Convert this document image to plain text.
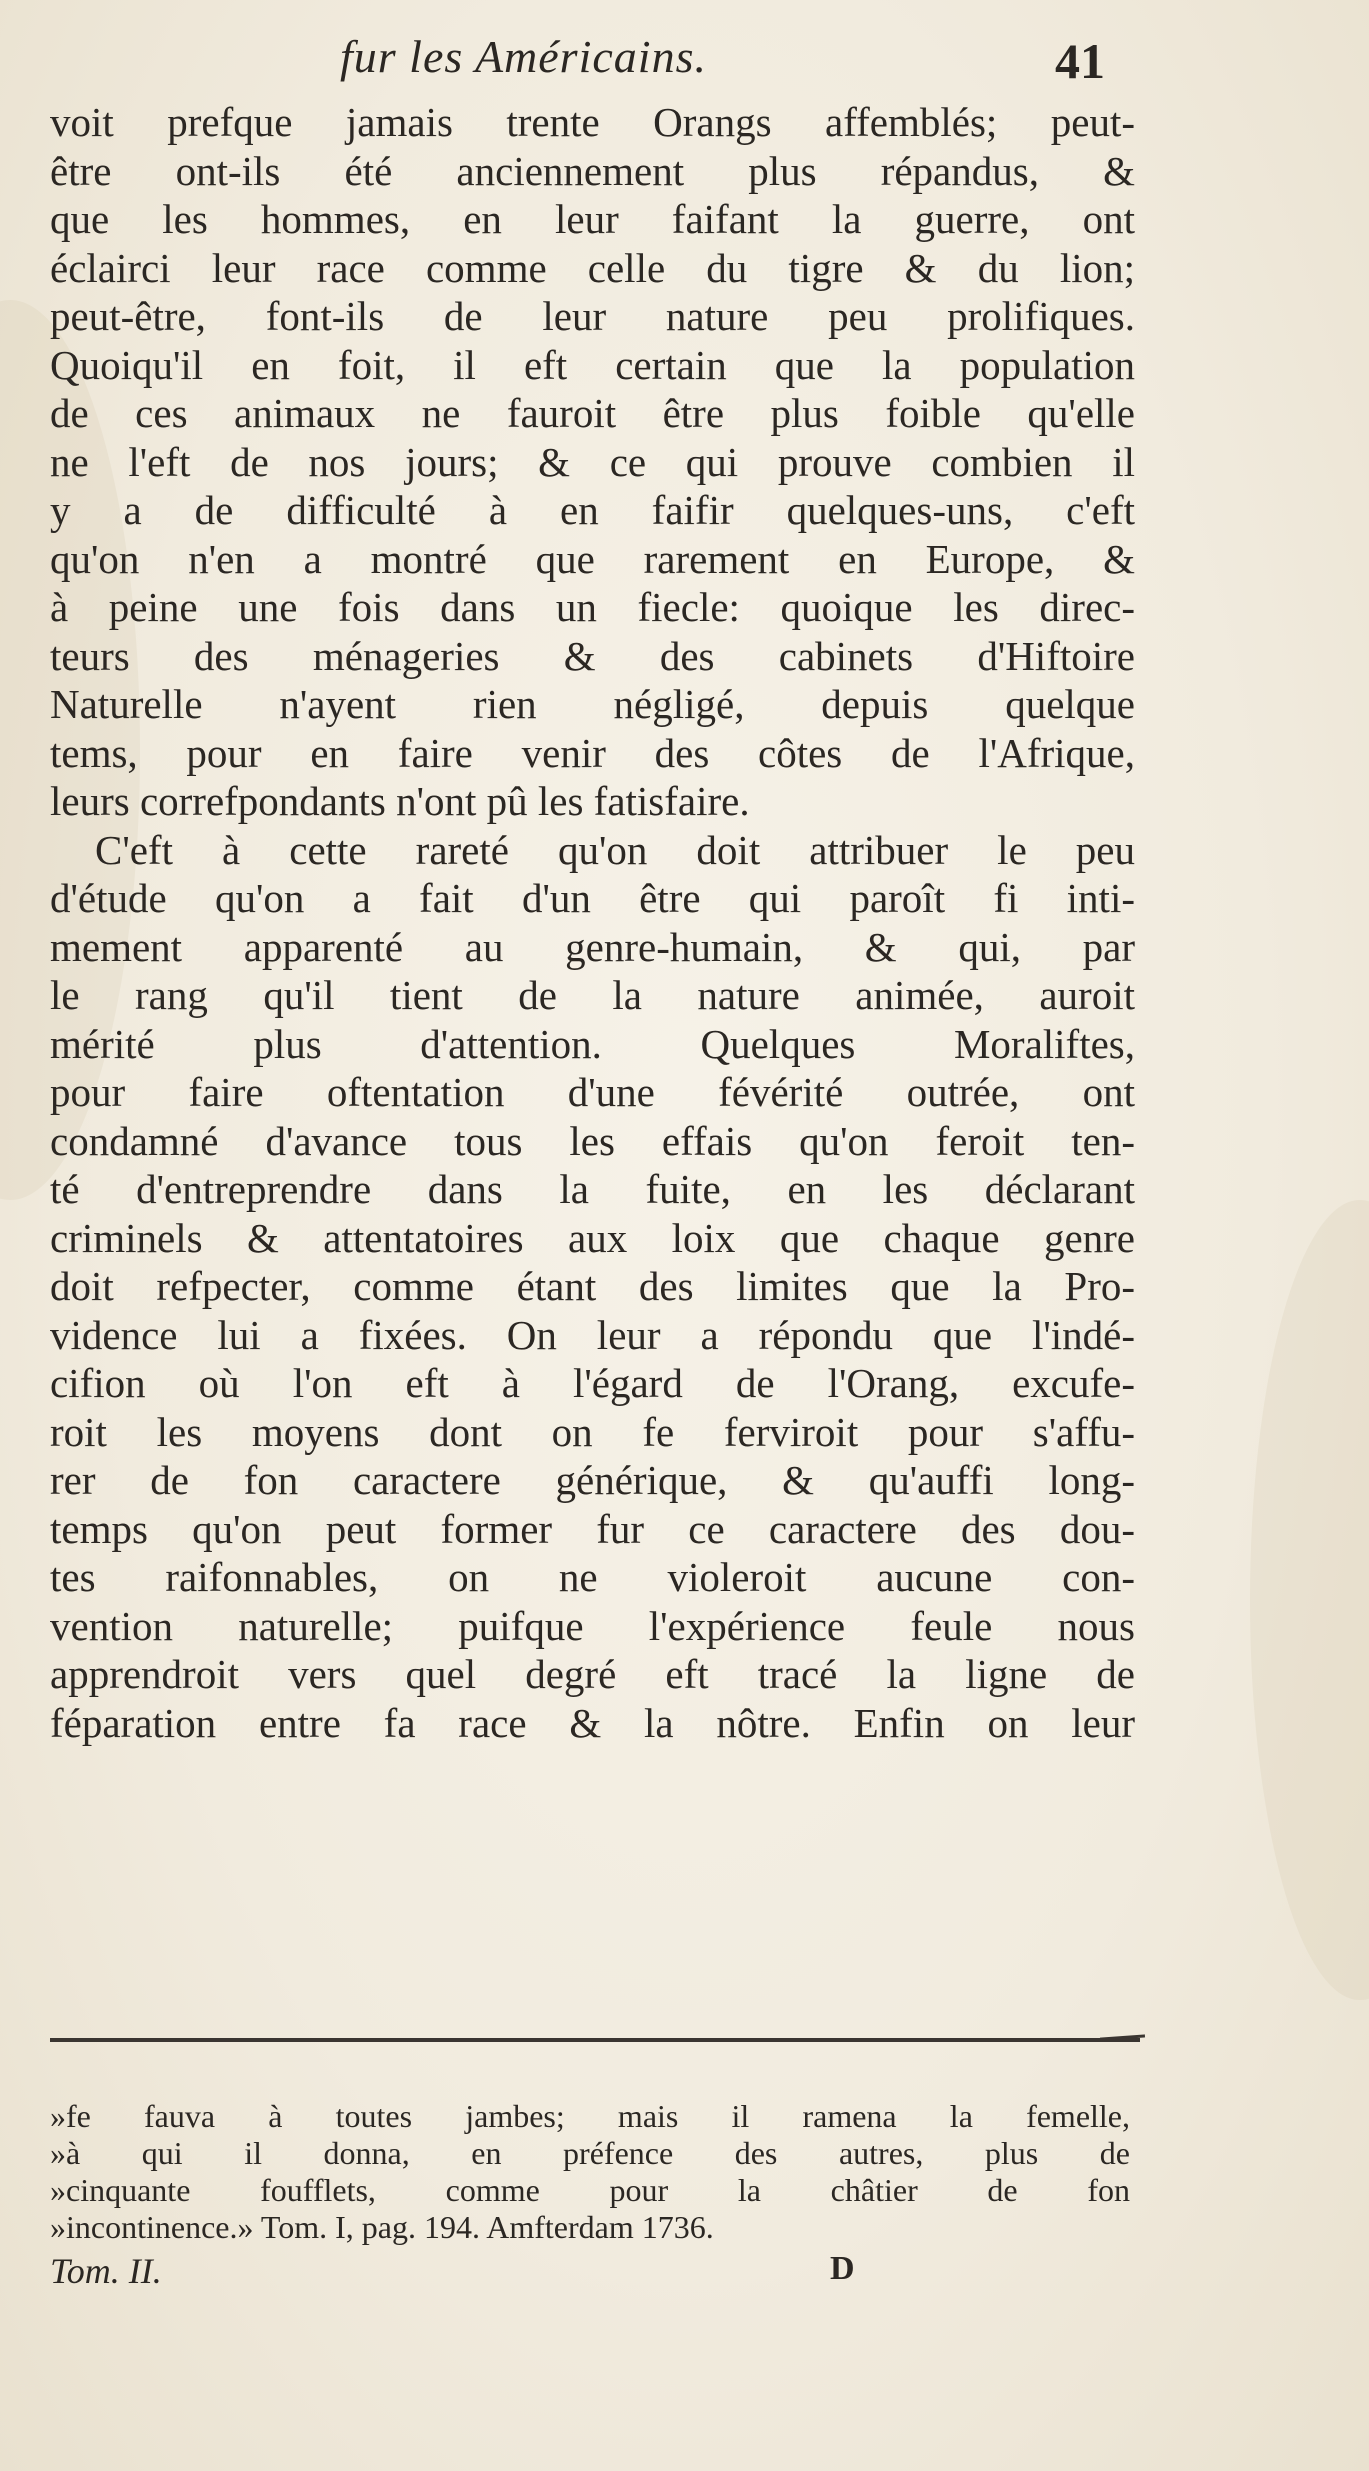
fur les Américains.	41
voit prefque jamais trente Orangs affemblés; peut-
être ont-ils été anciennement plus répandus, &
que les hommes, en leur faifant la guerre, ont
éclairci leur race comme celle du tigre & du lion;
peut-être, font-ils de leur nature peu prolifiques.
Quoiqu'il en foit, il eft certain que la population
de ces animaux ne fauroit être plus foible qu'elle
ne l'eft de nos jours; & ce qui prouve combien il
y a de difficulté à en faifir quelques-uns, c'eft
qu'on n'en a montré que rarement en Europe, &
à peine une fois dans un fiecle: quoique les direc-
teurs des ménageries & des cabinets d'Hiftoire
Naturelle n'ayent rien négligé, depuis quelque
tems, pour en faire venir des côtes de l'Afrique,
leurs correfpondants n'ont pû les fatisfaire.
C'eft à cette rareté qu'on doit attribuer le peu
d'étude qu'on a fait d'un être qui paroît fi inti-
mement apparenté au genre-humain, & qui, par
le rang qu'il tient de la nature animée, auroit
mérité plus d'attention. Quelques Moraliftes,
pour faire oftentation d'une févérité outrée, ont
condamné d'avance tous les effais qu'on feroit ten-
té d'entreprendre dans la fuite, en les déclarant
criminels & attentatoires aux loix que chaque genre
doit refpecter, comme étant des limites que la Pro-
vidence lui a fixées. On leur a répondu que l'indé-
cifion où l'on eft à l'égard de l'Orang, excufe-
roit les moyens dont on fe ferviroit pour s'affu-
rer de fon caractere générique, & qu'auffi long-
temps qu'on peut former fur ce caractere des dou-
tes raifonnables, on ne violeroit aucune con-
vention naturelle; puifque l'expérience feule nous
apprendroit vers quel degré eft tracé la ligne de
féparation entre fa race & la nôtre. Enfin on leur
»fe fauva à toutes jambes; mais il ramena la femelle,
»à qui il donna, en préfence des autres, plus de
»cinquante foufflets, comme pour la châtier de fon
»incontinence.» Tom. I, pag. 194. Amfterdam 1736.
Tom. II.	D
